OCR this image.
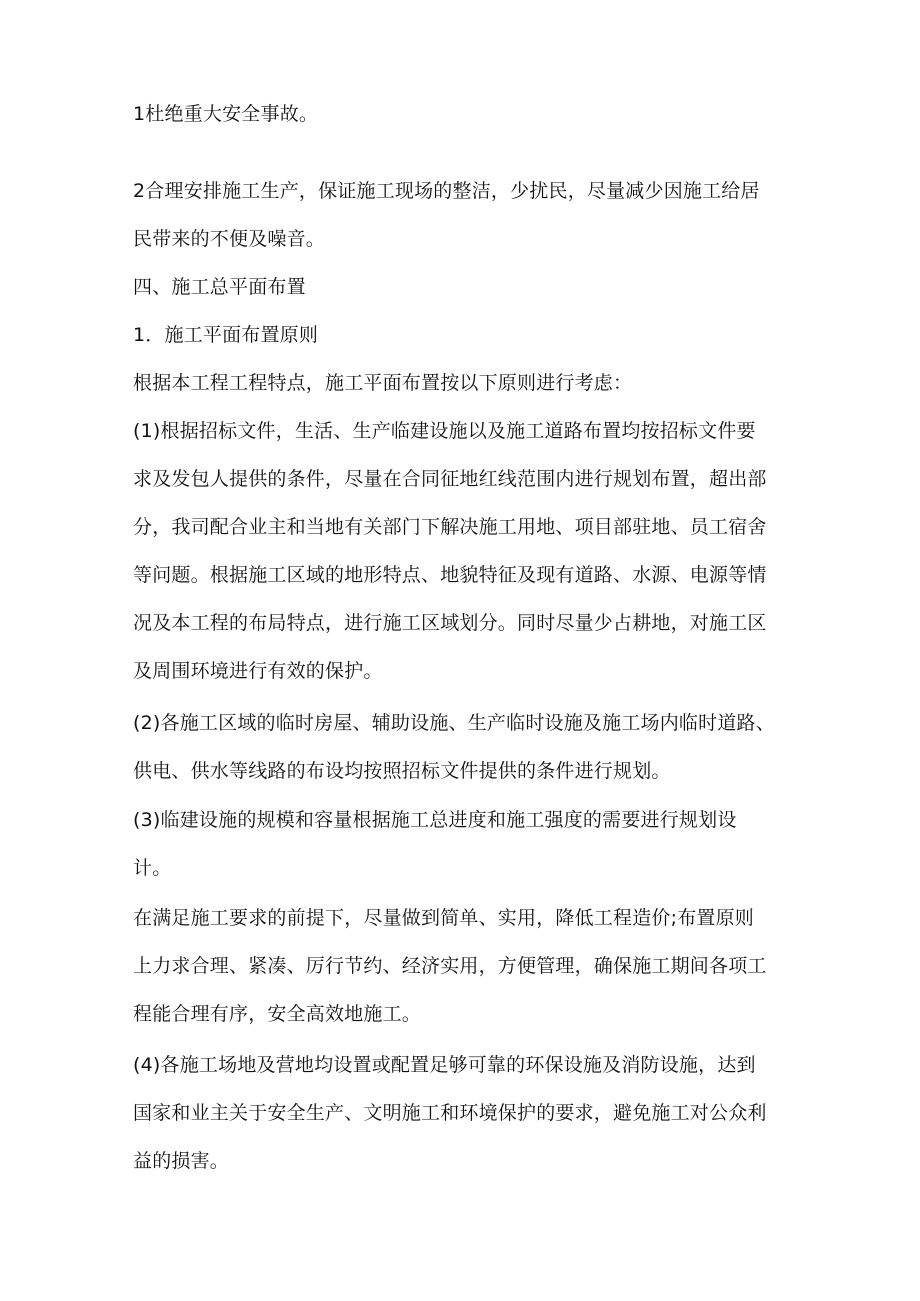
1杜绝重大安全事故。
2合理安排施工生产，保证施工现场的整洁，少扰民，尽量减少因施工给居
民带来的不便及噪音。
四、施工总平面布置
1．施工平面布置原则
根据本工程工程特点，施工平面布置按以下原则进行考虑：
(1)根据招标文件，生活、生产临建设施以及施工道路布置均按招标文件要
求及发包人提供的条件，尽量在合同征地红线范围内进行规划布置，超出部
分，我司配合业主和当地有关部门下解决施工用地、项目部驻地、员工宿舍
等问题。根据施工区域的地形特点、地貌特征及现有道路、水源、电源等情
况及本工程的布局特点，进行施工区域划分。同时尽量少占耕地，对施工区
及周围环境进行有效的保护。
(2)各施工区域的临时房屋、辅助设施、生产临时设施及施工场内临时道路、
供电、供水等线路的布设均按照招标文件提供的条件进行规划。
(3)临建设施的规模和容量根据施工总进度和施工强度的需要进行规划设
计。
在满足施工要求的前提下，尽量做到简单、实用，降低工程造价;布置原则
上力求合理、紧凑、厉行节约、经济实用，方便管理，确保施工期间各项工
程能合理有序，安全高效地施工。
(4)各施工场地及营地均设置或配置足够可靠的环保设施及消防设施，达到
国家和业主关于安全生产、文明施工和环境保护的要求，避免施工对公众利
益的损害。
